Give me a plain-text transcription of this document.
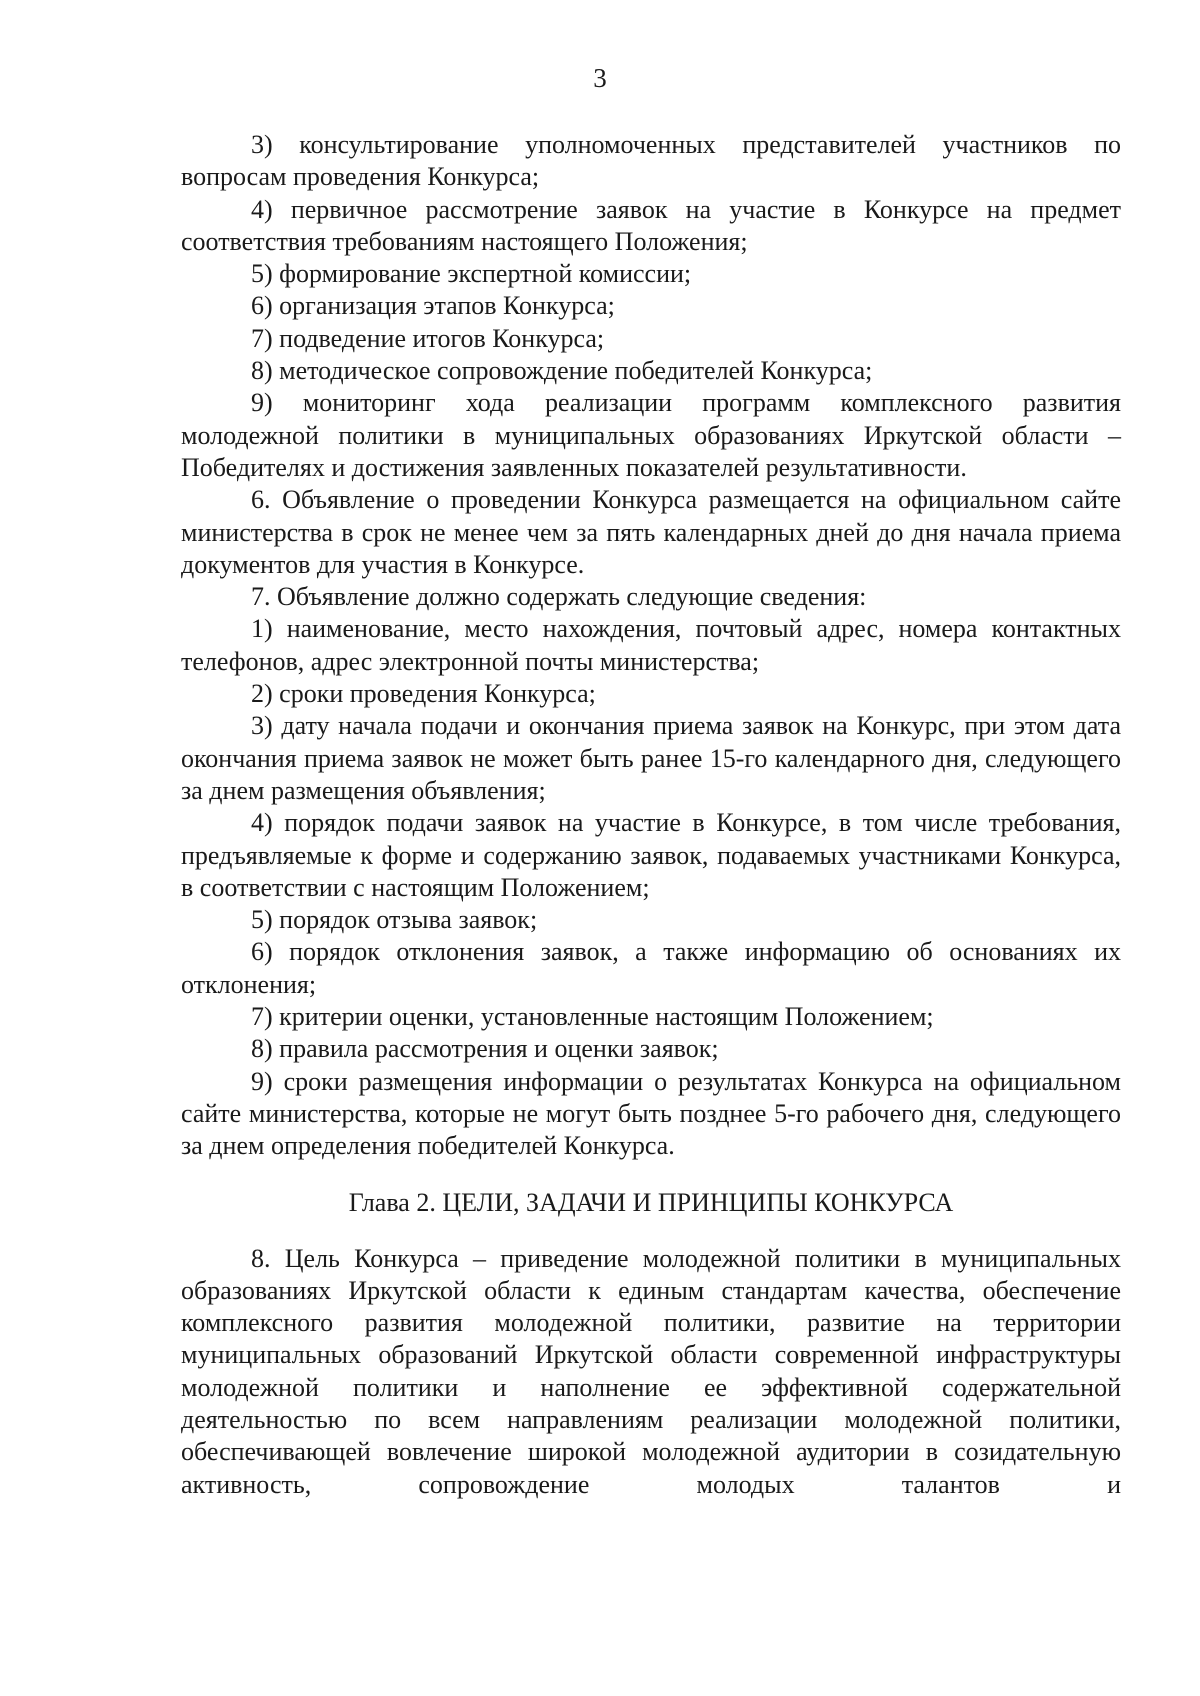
3

3) консультирование уполномоченных представителей участников по вопросам проведения Конкурса;

4) первичное рассмотрение заявок на участие в Конкурсе на предмет соответствия требованиям настоящего Положения;

5) формирование экспертной комиссии;

6) организация этапов Конкурса;

7) подведение итогов Конкурса;

8) методическое сопровождение победителей Конкурса;

9) мониторинг хода реализации программ комплексного развития молодежной политики в муниципальных образованиях Иркутской области – Победителях и достижения заявленных показателей результативности.

6. Объявление о проведении Конкурса размещается на официальном сайте министерства в срок не менее чем за пять календарных дней до дня начала приема документов для участия в Конкурсе.

7. Объявление должно содержать следующие сведения:

1) наименование, место нахождения, почтовый адрес, номера контактных телефонов, адрес электронной почты министерства;

2) сроки проведения Конкурса;

3) дату начала подачи и окончания приема заявок на Конкурс, при этом дата окончания приема заявок не может быть ранее 15-го календарного дня, следующего за днем размещения объявления;

4) порядок подачи заявок на участие в Конкурсе, в том числе требования, предъявляемые к форме и содержанию заявок, подаваемых участниками Конкурса, в соответствии с настоящим Положением;

5) порядок отзыва заявок;

6) порядок отклонения заявок, а также информацию об основаниях их отклонения;

7) критерии оценки, установленные настоящим Положением;

8) правила рассмотрения и оценки заявок;

9) сроки размещения информации о результатах Конкурса на официальном сайте министерства, которые не могут быть позднее 5-го рабочего дня, следующего за днем определения победителей Конкурса.

Глава 2. ЦЕЛИ, ЗАДАЧИ И ПРИНЦИПЫ КОНКУРСА

8. Цель Конкурса – приведение молодежной политики в муниципальных образованиях Иркутской области к единым стандартам качества, обеспечение комплексного развития молодежной политики, развитие на территории муниципальных образований Иркутской области современной инфраструктуры молодежной политики и наполнение ее эффективной содержательной деятельностью по всем направлениям реализации молодежной политики, обеспечивающей вовлечение широкой молодежной аудитории в созидательную активность, сопровождение молодых талантов и
